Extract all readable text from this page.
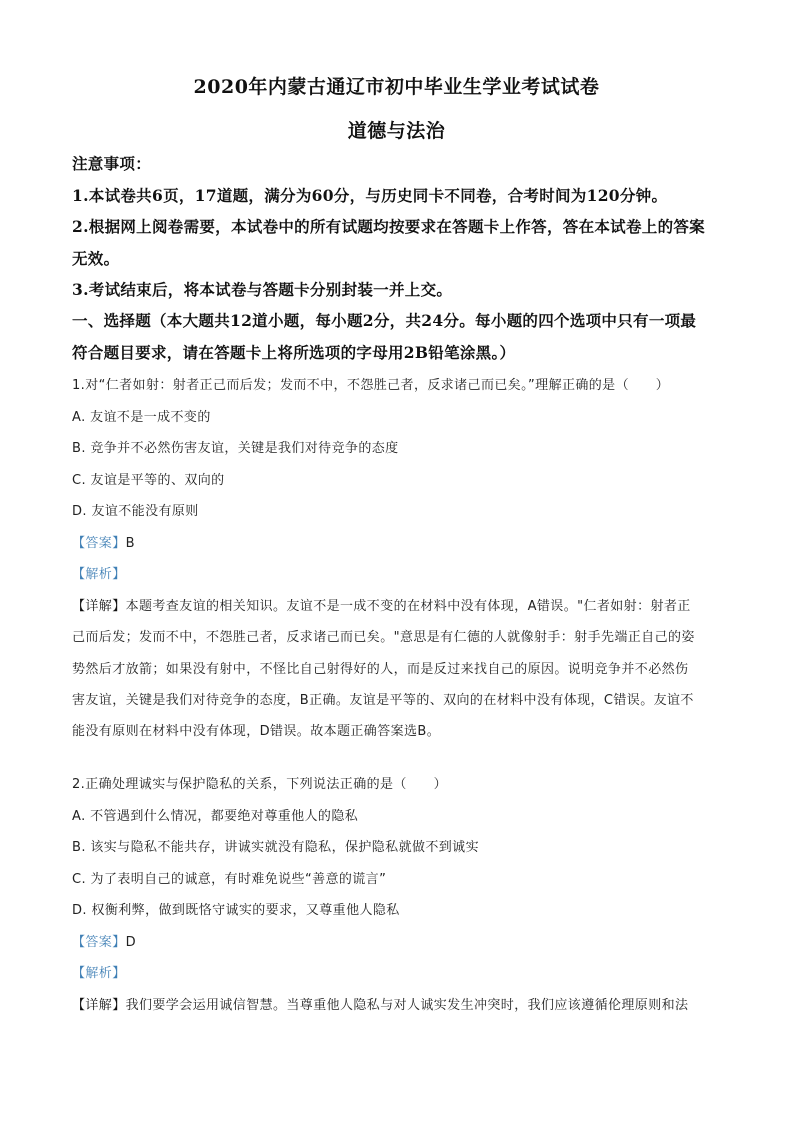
2020年内蒙古通辽市初中毕业生学业考试试卷
道德与法治
注意事项：
1.本试卷共6页，17道题，满分为60分，与历史同卡不同卷，合考时间为120分钟。
2.根据网上阅卷需要，本试卷中的所有试题均按要求在答题卡上作答，答在本试卷上的答案
无效。
3.考试结束后，将本试卷与答题卡分别封装一并上交。
一、选择题（本大题共12道小题，每小题2分，共24分。每小题的四个选项中只有一项最
符合题目要求，请在答题卡上将所选项的字母用2B铅笔涂黑。）
1.对“仁者如射：射者正己而后发；发而不中，不怨胜己者，反求诸己而已矣。”理解正确的是（　　）
A. 友谊不是一成不变的
B. 竞争并不必然伤害友谊，关键是我们对待竞争的态度
C. 友谊是平等的、双向的
D. 友谊不能没有原则
【答案】B
【解析】
【详解】本题考查友谊的相关知识。友谊不是一成不变的在材料中没有体现，A错误。"仁者如射：射者正
己而后发；发而不中，不怨胜己者，反求诸己而已矣。"意思是有仁德的人就像射手：射手先端正自己的姿
势然后才放箭；如果没有射中，不怪比自己射得好的人，而是反过来找自己的原因。说明竞争并不必然伤
害友谊，关键是我们对待竞争的态度，B正确。友谊是平等的、双向的在材料中没有体现，C错误。友谊不
能没有原则在材料中没有体现，D错误。故本题正确答案选B。
2.正确处理诚实与保护隐私的关系，下列说法正确的是（　　）
A. 不管遇到什么情况，都要绝对尊重他人的隐私
B. 该实与隐私不能共存，讲诚实就没有隐私，保护隐私就做不到诚实
C. 为了表明自己的诚意，有时难免说些“善意的谎言”
D. 权衡利弊，做到既恪守诚实的要求，又尊重他人隐私
【答案】D
【解析】
【详解】我们要学会运用诚信智慧。当尊重他人隐私与对人诚实发生冲突时，我们应该遵循伦理原则和法
